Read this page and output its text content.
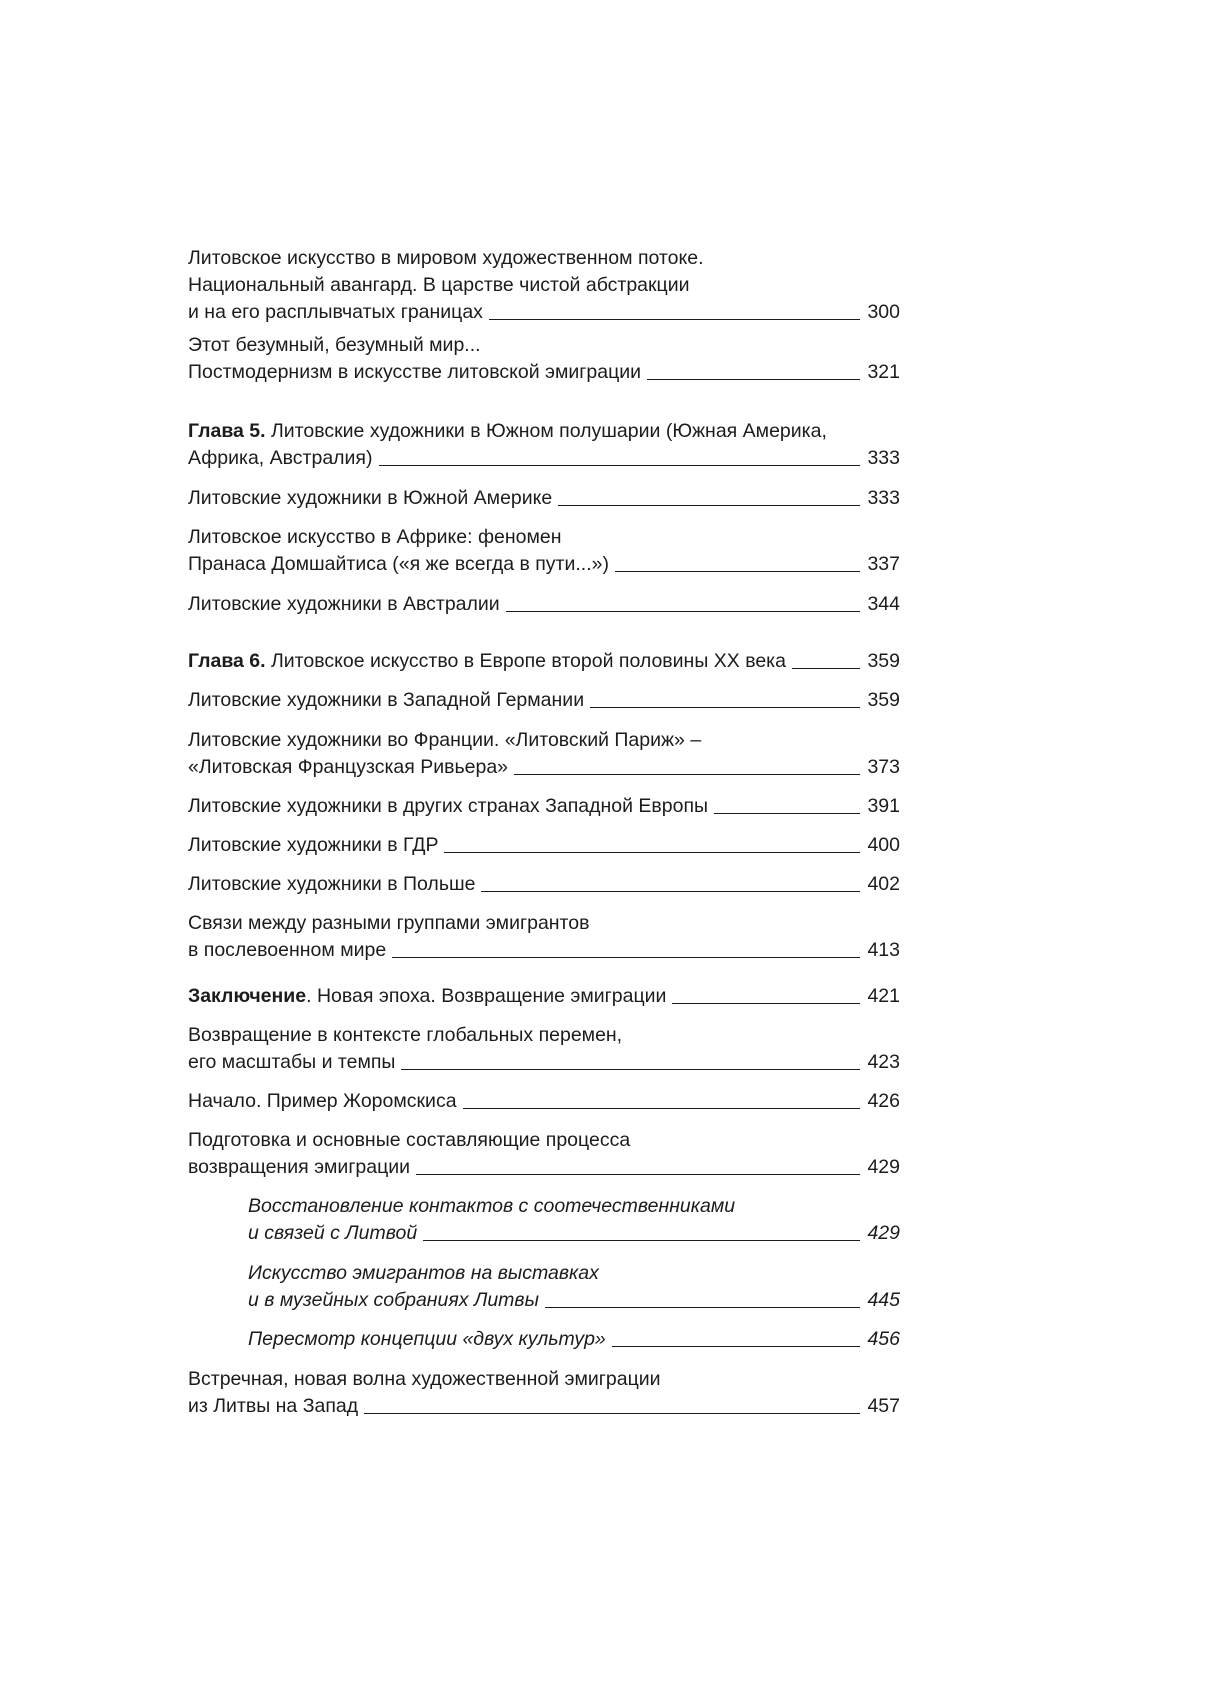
Литовское искусство в мировом художественном потоке.
Национальный авангард. В царстве чистой абстракции
и на его расплывчатых границах	300
Этот безумный, безумный мир...
Постмодернизм в искусстве литовской эмиграции	321
Глава 5. Литовские художники в Южном полушарии (Южная Америка,
Африка, Австралия)	333
Литовские художники в Южной Америке	333
Литовское искусство в Африке: феномен
Пранаса Домшайтиса («я же всегда в пути...»)	337
Литовские художники в Австралии	344
Глава 6. Литовское искусство в Европе второй половины ХХ века	359
Литовские художники в Западной Германии	359
Литовские художники во Франции. «Литовский Париж» –
«Литовская Французская Ривьера»	373
Литовские художники в других странах Западной Европы	391
Литовские художники в ГДР	400
Литовские художники в Польше	402
Связи между разными группами эмигрантов
в послевоенном мире	413
Заключение. Новая эпоха. Возвращение эмиграции	421
Возвращение в контексте глобальных перемен,
его масштабы и темпы	423
Начало. Пример Жоромскиса	426
Подготовка и основные составляющие процесса
возвращения эмиграции	429
Восстановление контактов с соотечественниками
и связей с Литвой	429
Искусство эмигрантов на выставках
и в музейных собраниях Литвы	445
Пересмотр концепции «двух культур»	456
Встречная, новая волна художественной эмиграции
из Литвы на Запад	457
